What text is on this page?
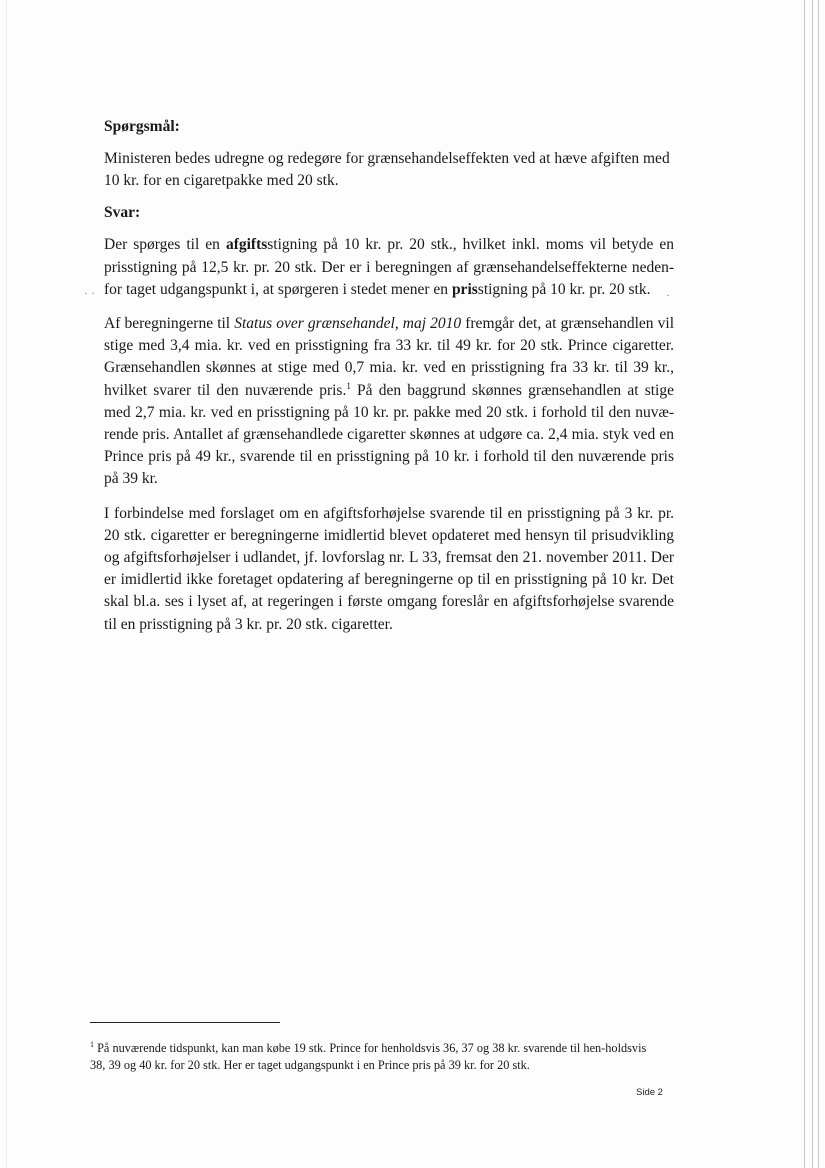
· ·	·
Spørgsmål:

Ministeren bedes udregne og redegøre for grænsehandelseffekten ved at hæve afgiften med 10 kr. for en cigaretpakke med 20 stk.

Svar:

Der spørges til en afgiftsstigning på 10 kr. pr. 20 stk., hvilket inkl. moms vil betyde en prisstigning på 12,5 kr. pr. 20 stk. Der er i beregningen af grænsehandelseffekterne neden-for taget udgangspunkt i, at spørgeren i stedet mener en prisstigning på 10 kr. pr. 20 stk.

Af beregningerne til Status over grænsehandel, maj 2010 fremgår det, at grænsehandlen vil stige med 3,4 mia. kr. ved en prisstigning fra 33 kr. til 49 kr. for 20 stk. Prince cigaretter. Grænsehandlen skønnes at stige med 0,7 mia. kr. ved en prisstigning fra 33 kr. til 39 kr., hvilket svarer til den nuværende pris.$^1$ På den baggrund skønnes grænsehandlen at stige med 2,7 mia. kr. ved en prisstigning på 10 kr. pr. pakke med 20 stk. i forhold til den nuvæ-rende pris. Antallet af grænsehandlede cigaretter skønnes at udgøre ca. 2,4 mia. styk ved en Prince pris på 49 kr., svarende til en prisstigning på 10 kr. i forhold til den nuværende pris på 39 kr.

I forbindelse med forslaget om en afgiftsforhøjelse svarende til en prisstigning på 3 kr. pr. 20 stk. cigaretter er beregningerne imidlertid blevet opdateret med hensyn til prisudvikling og afgiftsforhøjelser i udlandet, jf. lovforslag nr. L 33, fremsat den 21. november 2011. Der er imidlertid ikke foretaget opdatering af beregningerne op til en prisstigning på 10 kr. Det skal bl.a. ses i lyset af, at regeringen i første omgang foreslår en afgiftsforhøjelse svarende til en prisstigning på 3 kr. pr. 20 stk. cigaretter.

$^1$ På nuværende tidspunkt, kan man købe 19 stk. Prince for henholdsvis 36, 37 og 38 kr. svarende til hen-holdsvis 38, 39 og 40 kr. for 20 stk. Her er taget udgangspunkt i en Prince pris på 39 kr. for 20 stk.
Side 2
